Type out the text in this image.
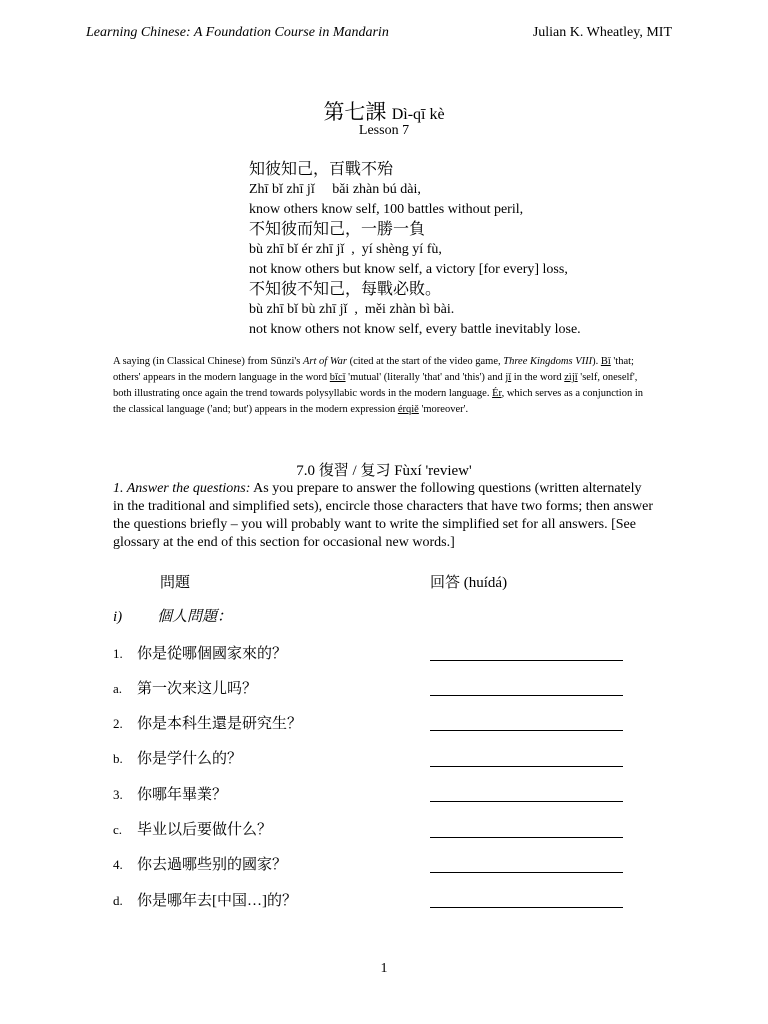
Learning Chinese: A Foundation Course in Mandarin	Julian K. Wheatley, MIT
第七課 Dì-qī kè
Lesson 7
知彼知己，百戰不殆
Zhī bǐ zhī jǐ     bǎi zhàn bú dài,
know others know self, 100 battles without peril,
不知彼而知己，一勝一負
bù zhī bǐ ér zhī jǐ  ,  yí shèng yí fù,
not know others but know self, a victory [for every] loss,
不知彼不知己，每戰必敗。
bù zhī bǐ bù zhī jǐ  ,  měi zhàn bì bài.
not know others not know self, every battle inevitably lose.
A saying (in Classical Chinese) from Sūnzi's Art of War (cited at the start of the video game, Three Kingdoms VIII). Bǐ 'that; others' appears in the modern language in the word bǐcǐ 'mutual' (literally 'that' and 'this') and jǐ in the word zìjǐ 'self, oneself', both illustrating once again the trend towards polysyllabic words in the modern language. Ér, which serves as a conjunction in the classical language ('and; but') appears in the modern expression érqiě 'moreover'.
7.0 復習 / 复习 Fùxí 'review'
1. Answer the questions: As you prepare to answer the following questions (written alternately in the traditional and simplified sets), encircle those characters that have two forms; then answer the questions briefly – you will probably want to write the simplified set for all answers. [See glossary at the end of this section for occasional new words.]
問題	回答 (huídá)
i) 個人問題：
1. 你是從哪個國家來的？
a. 第一次来这儿吗？
2. 你是本科生還是研究生？
b. 你是学什么的？
3. 你哪年畢業？
c. 毕业以后要做什么？
4. 你去過哪些别的國家？
d. 你是哪年去[中国…]的？
1
